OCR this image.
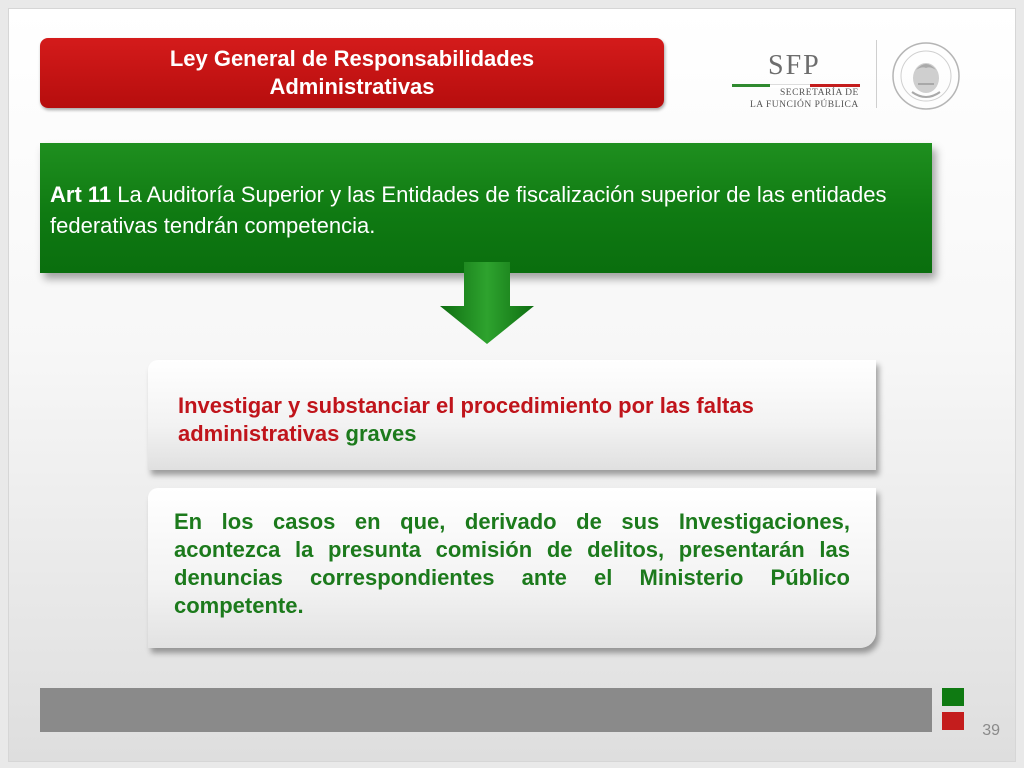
Ley General de Responsabilidades Administrativas
SFP
SECRETARÍA DE
LA FUNCIÓN PÚBLICA

Art 11 La Auditoría Superior y las Entidades de fiscalización superior de las entidades federativas tendrán competencia.

Investigar y substanciar el procedimiento por las faltas administrativas graves

En los casos en que, derivado de sus Investigaciones, acontezca la presunta comisión de delitos, presentarán las denuncias correspondientes ante el Ministerio Público competente.

39
